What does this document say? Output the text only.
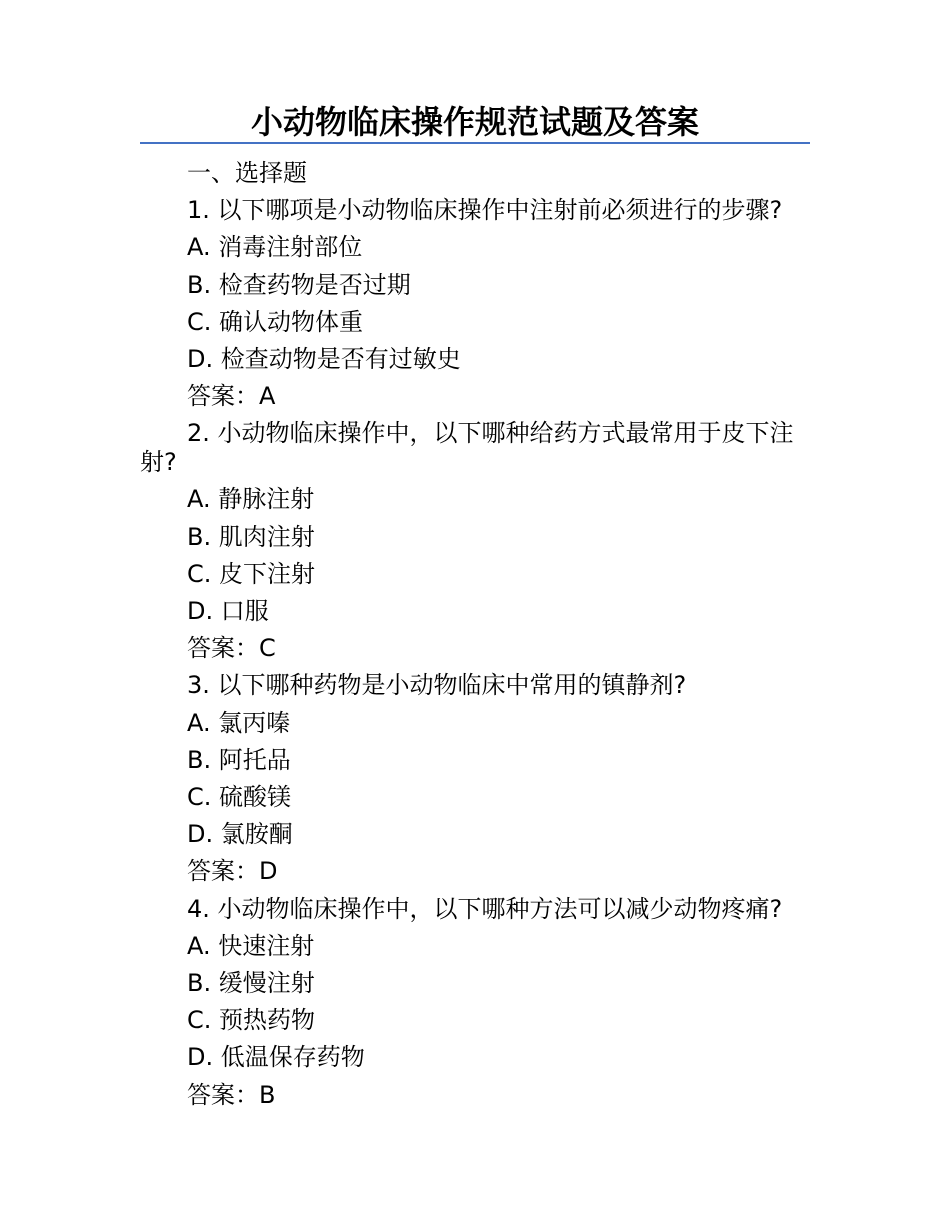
小动物临床操作规范试题及答案
一、选择题
1. 以下哪项是小动物临床操作中注射前必须进行的步骤?
A. 消毒注射部位
B. 检查药物是否过期
C. 确认动物体重
D. 检查动物是否有过敏史
答案：A
2. 小动物临床操作中，以下哪种给药方式最常用于皮下注射?
A. 静脉注射
B. 肌肉注射
C. 皮下注射
D. 口服
答案：C
3. 以下哪种药物是小动物临床中常用的镇静剂?
A. 氯丙嗪
B. 阿托品
C. 硫酸镁
D. 氯胺酮
答案：D
4. 小动物临床操作中，以下哪种方法可以减少动物疼痛?
A. 快速注射
B. 缓慢注射
C. 预热药物
D. 低温保存药物
答案：B
